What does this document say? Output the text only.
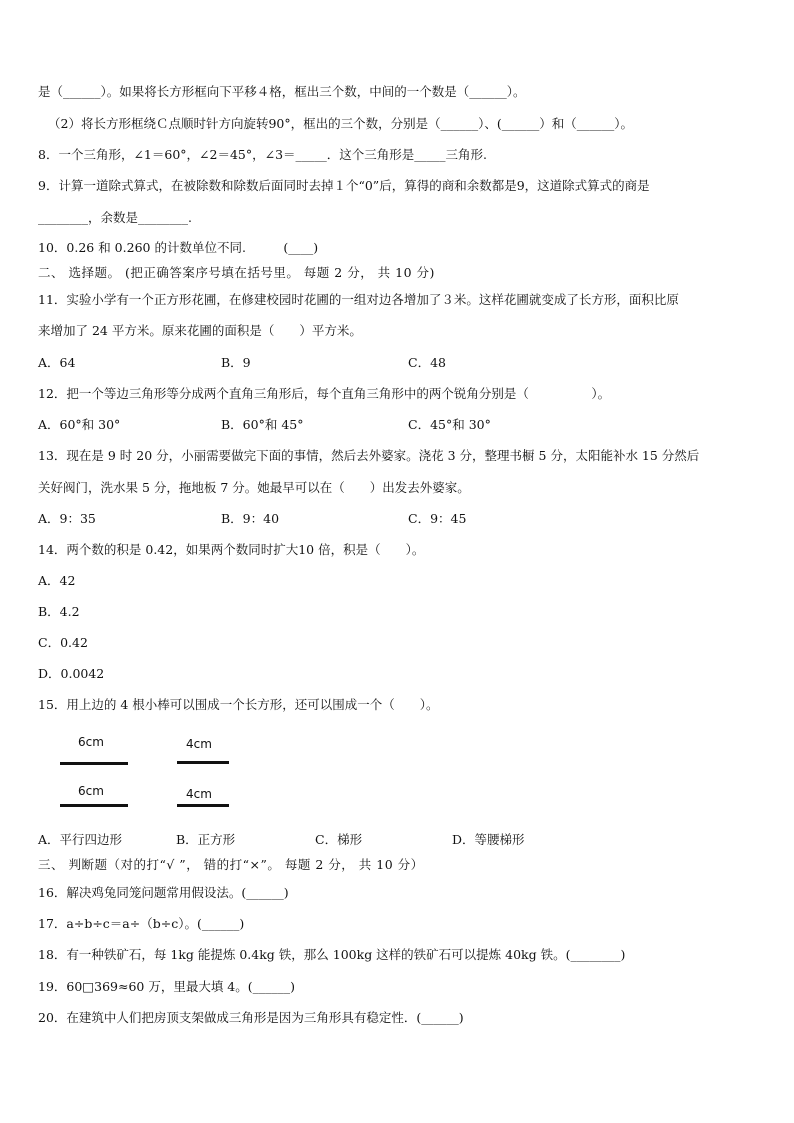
是（______）。如果将长方形框向下平移４格，框出三个数，中间的一个数是（______）。
（2）将长方形框绕Ｃ点顺时针方向旋转90°，框出的三个数，分别是（______）、(______）和（______）。
8．一个三角形，∠1＝60°，∠2＝45°，∠3＝_____．这个三角形是_____三角形.
9．计算一道除式算式，在被除数和除数后面同时去掉１个“0”后，算得的商和余数都是9，这道除式算式的商是
________，余数是________.
10．0.26 和 0.260 的计数单位不同.　　　(____)
二、 选择题。 (把正确答案序号填在括号里。 每题 2 分， 共 10 分)
11．实验小学有一个正方形花圃，在修建校园时花圃的一组对边各增加了３米。这样花圃就变成了长方形，面积比原
来增加了 24 平方米。原来花圃的面积是（　　）平方米。
A．64	B．9	C．48
12．把一个等边三角形等分成两个直角三角形后，每个直角三角形中的两个锐角分别是（　　　　　）。
A．60°和 30°	B．60°和 45°	C．45°和 30°
13．现在是 9 时 20 分，小丽需要做完下面的事情，然后去外婆家。浇花 3 分，整理书橱 5 分，太阳能补水 15 分然后
关好阀门，洗水果 5 分，拖地板 7 分。她最早可以在（　　）出发去外婆家。
A．9：35	B．9：40	C．9：45
14．两个数的积是 0.42，如果两个数同时扩大10 倍，积是（　　）。
A．42
B．4.2
C．0.42
D．0.0042
15．用上边的 4 根小棒可以围成一个长方形，还可以围成一个（　　）。
6cm	4cm
6cm	4cm
A．平行四边形	B．正方形	C．梯形	D．等腰梯形
三、 判断题（对的打“√ ”， 错的打“×”。 每题 2 分， 共 10 分）
16．解决鸡兔同笼问题常用假设法。(______)
17．a÷b÷c＝a÷（b÷c）。(______)
18．有一种铁矿石，每 1kg 能提炼 0.4kg 铁，那么 100kg 这样的铁矿石可以提炼 40kg 铁。(________)
19．60□369≈60 万，里最大填 4。(______)
20．在建筑中人们把房顶支架做成三角形是因为三角形具有稳定性．(______)
